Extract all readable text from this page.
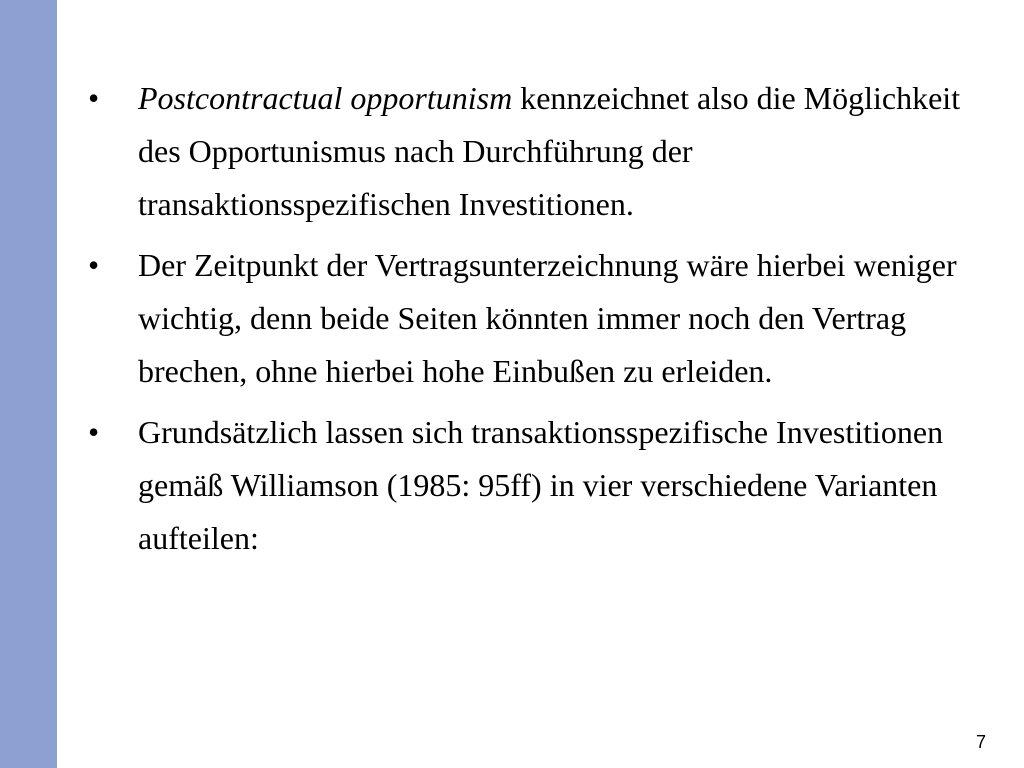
• Postcontractual opportunism kennzeichnet also die Möglichkeit des Opportunismus nach Durchführung der transaktionsspezifischen Investitionen.
• Der Zeitpunkt der Vertragsunterzeichnung wäre hierbei weniger wichtig, denn beide Seiten könnten immer noch den Vertrag brechen, ohne hierbei hohe Einbußen zu erleiden.
• Grundsätzlich lassen sich transaktionsspezifische Investitionen gemäß Williamson (1985: 95ff) in vier verschiedene Varianten aufteilen:
7
